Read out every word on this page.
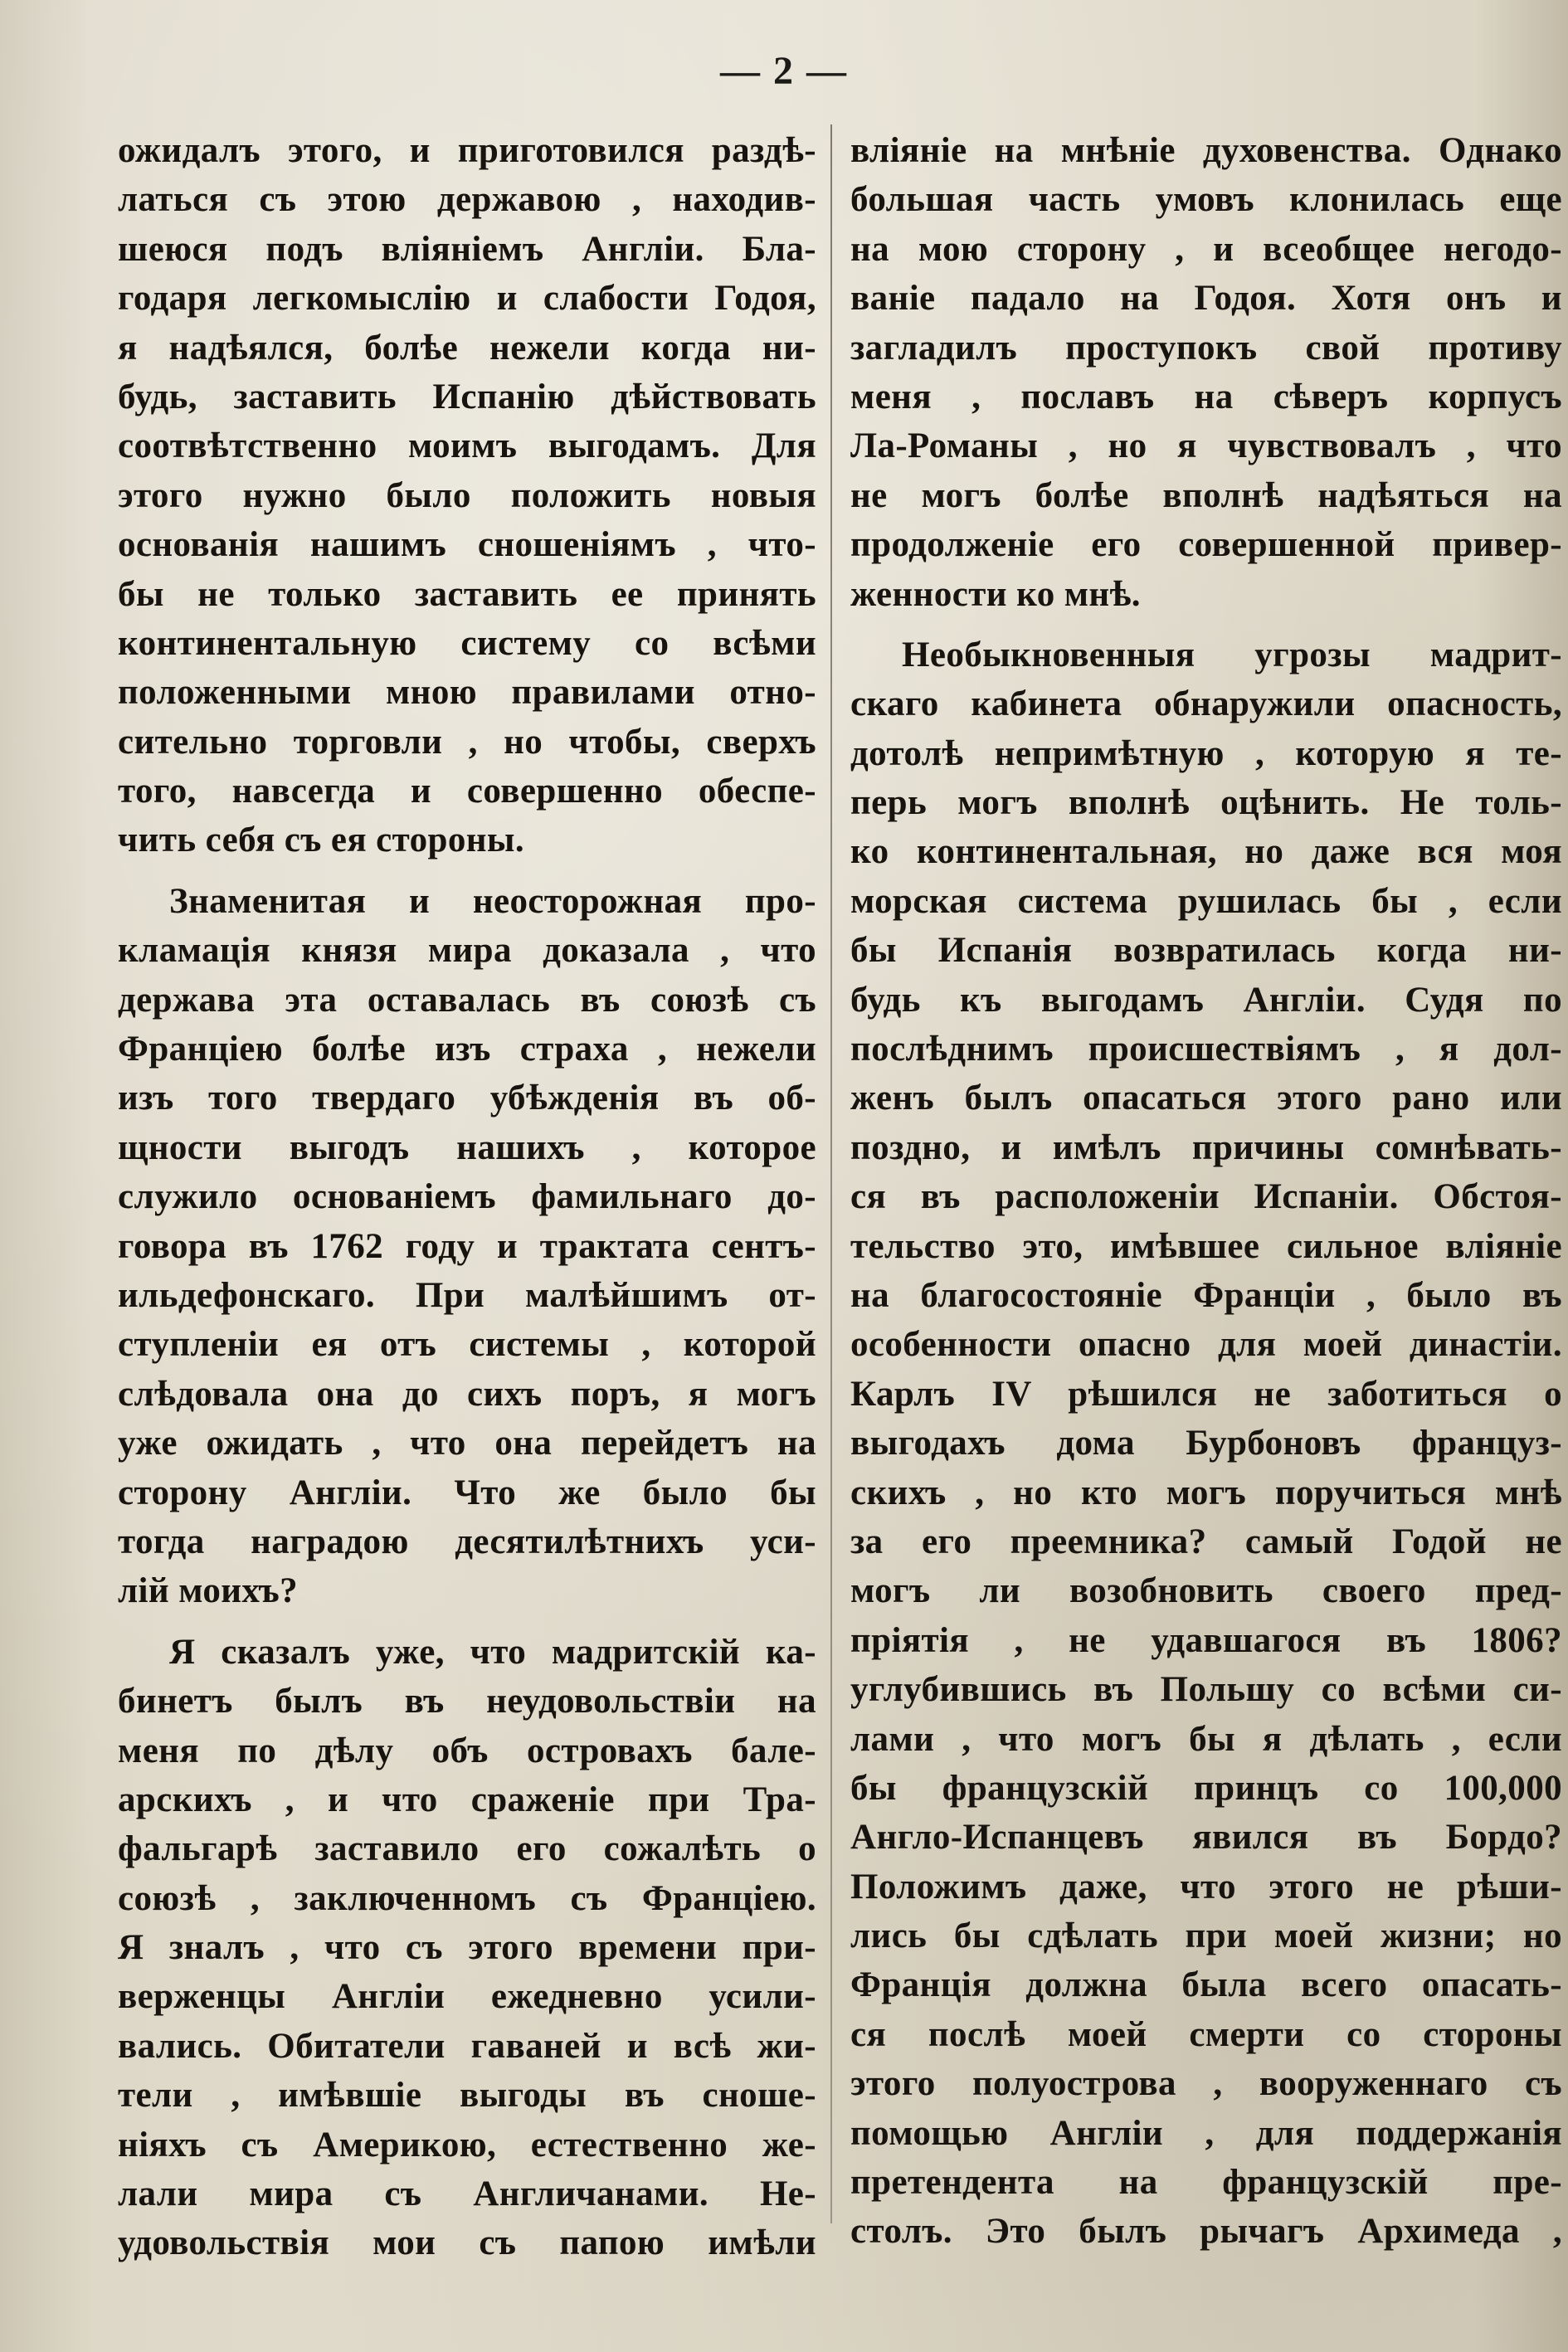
— 2 —
ожидалъ этого, и приготовился раздѣ-
латься съ этою державою , находив-
шеюся подъ вліяніемъ Англіи. Бла-
годаря легкомыслію и слабости Годоя,
я надѣялся, болѣе нежели когда ни-
будь, заставить Испанію дѣйствовать
соотвѣтственно моимъ выгодамъ. Для
этого нужно было положить новыя
основанія нашимъ сношеніямъ , что-
бы не только заставить ее принять
континентальную систему со всѣми
положенными мною правилами отно-
сительно торговли , но чтобы, сверхъ
того, навсегда и совершенно обеспе-
чить себя съ ея стороны.
Знаменитая и неосторожная про-
кламація князя мира доказала , что
держава эта оставалась въ союзѣ съ
Франціею болѣе изъ страха , нежели
изъ того твердаго убѣжденія въ об-
щности выгодъ нашихъ , которое
служило основаніемъ фамильнаго до-
говора въ 1762 году и трактата сентъ-
ильдефонскаго. При малѣйшимъ от-
ступленіи ея отъ системы , которой
слѣдовала она до сихъ поръ, я могъ
уже ожидать , что она перейдетъ на
сторону Англіи. Что же было бы
тогда наградою десятилѣтнихъ уси-
лій моихъ?
Я сказалъ уже, что мадритскій ка-
бинетъ былъ въ неудовольствіи на
меня по дѣлу объ островахъ бале-
арскихъ , и что сраженіе при Тра-
фальгарѣ заставило его сожалѣть о
союзѣ , заключенномъ съ Франціею.
Я зналъ , что съ этого времени при-
верженцы Англіи ежедневно усили-
вались. Обитатели гаваней и всѣ жи-
тели , имѣвшіе выгоды въ сноше-
ніяхъ съ Америкою, естественно же-
лали мира съ Англичанами. Не-
удовольствія мои съ папою имѣли
вліяніе на мнѣніе духовенства. Однако
большая часть умовъ клонилась еще
на мою сторону , и всеобщее негодо-
ваніе падало на Годоя. Хотя онъ и
загладилъ проступокъ свой противу
меня , пославъ на сѣверъ корпусъ
Ла-Романы , но я чувствовалъ , что
не могъ болѣе вполнѣ надѣяться на
продолженіе его совершенной привер-
женности ко мнѣ.
Необыкновенныя угрозы мадрит-
скаго кабинета обнаружили опасность,
дотолѣ непримѣтную , которую я те-
перь могъ вполнѣ оцѣнить. Не толь-
ко континентальная, но даже вся моя
морская система рушилась бы , если
бы Испанія возвратилась когда ни-
будь къ выгодамъ Англіи. Судя по
послѣднимъ происшествіямъ , я дол-
женъ былъ опасаться этого рано или
поздно, и имѣлъ причины сомнѣвать-
ся въ расположеніи Испаніи. Обстоя-
тельство это, имѣвшее сильное вліяніе
на благосостояніе Франціи , было въ
особенности опасно для моей династіи.
Карлъ IV рѣшился не заботиться о
выгодахъ дома Бурбоновъ француз-
скихъ , но кто могъ поручиться мнѣ
за его преемника? самый Годой не
могъ ли возобновить своего пред-
пріятія , не удавшагося въ 1806?
углубившись въ Польшу со всѣми си-
лами , что могъ бы я дѣлать , если
бы французскій принцъ со 100,000
Англо-Испанцевъ явился въ Бордо?
Положимъ даже, что этого не рѣши-
лись бы сдѣлать при моей жизни; но
Франція должна была всего опасать-
ся послѣ моей смерти со стороны
этого полуострова , вооруженнаго съ
помощью Англіи , для поддержанія
претендента на французскій пре-
столъ. Это былъ рычагъ Архимеда ,
